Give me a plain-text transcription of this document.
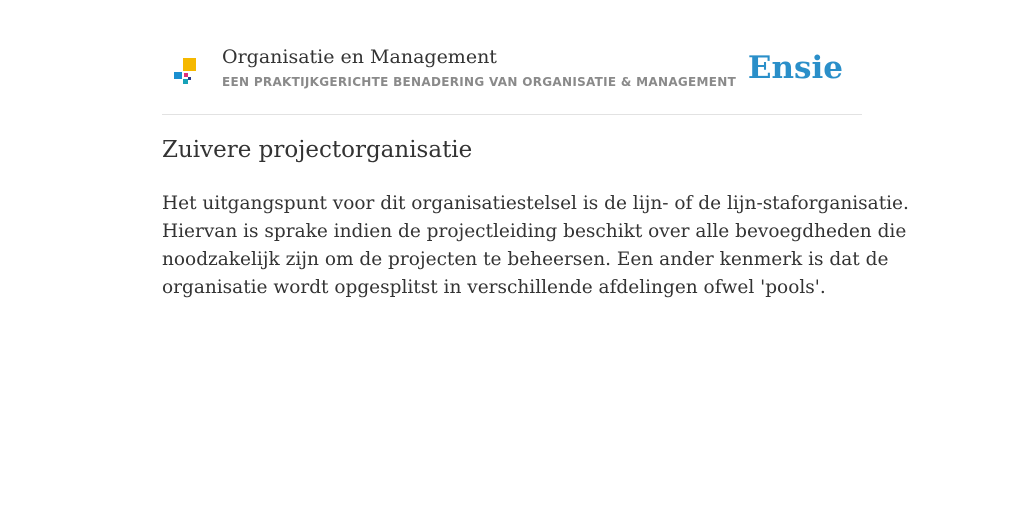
Organisatie en Management
EEN PRAKTIJKGERICHTE BENADERING VAN ORGANISATIE & MANAGEMENT Ensie
Zuivere projectorganisatie

Het uitgangspunt voor dit organisatiestelsel is de lijn- of de lijn-staforganisatie.
Hiervan is sprake indien de projectleiding beschikt over alle bevoegdheden die
noodzakelijk zijn om de projecten te beheersen. Een ander kenmerk is dat de
organisatie wordt opgesplitst in verschillende afdelingen ofwel 'pools'.
